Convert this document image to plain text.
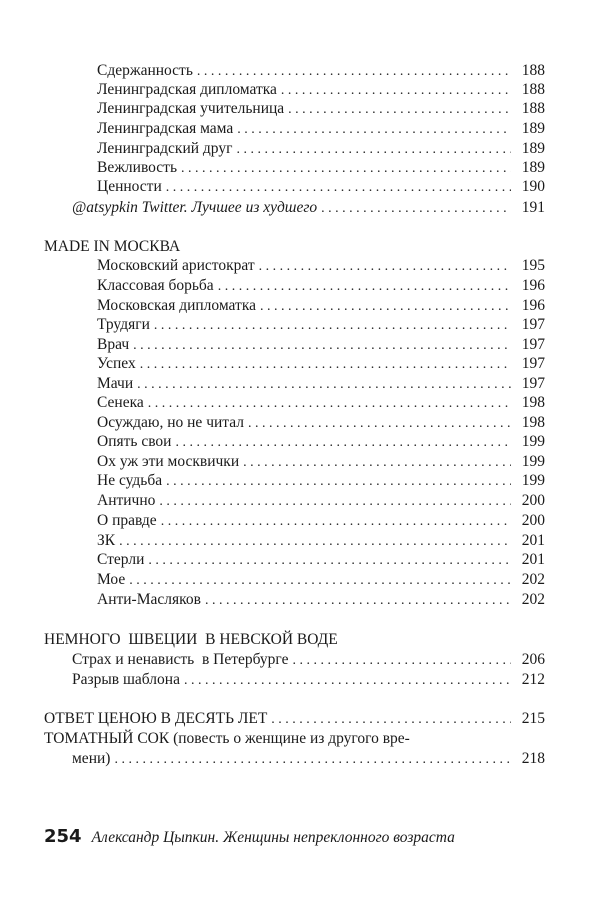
Сдержанность . . .	188
Ленинградская дипломатка . . .	188
Ленинградская учительница . . .	188
Ленинградская мама . . .	189
Ленинградский друг . . .	189
Вежливость . . .	189
Ценности . . .	190
@atsypkin Twitter. Лучшее из худшего . . .	191
MADE IN МОСКВА
Московский аристократ . . .	195
Классовая борьба . . .	196
Московская дипломатка . . .	196
Трудяги . . .	197
Врач . . .	197
Успех . . .	197
Мачи . . .	197
Сенека . . .	198
Осуждаю, но не читал . . .	198
Опять свои . . .	199
Ох уж эти москвички . . .	199
Не судьба . . .	199
Антично . . .	200
О правде . . .	200
ЗК . . .	201
Стерли . . .	201
Мое . . .	202
Анти-Масляков . . .	202
НЕМНОГО  ШВЕЦИИ  В НЕВСКОЙ ВОДЕ
Страх и ненависть  в Петербурге . . .	206
Разрыв шаблона . . .	212
ОТВЕТ ЦЕНОЮ В ДЕСЯТЬ ЛЕТ . . .	215
ТОМАТНЫЙ СОК (повесть о женщине из другого вре-
мени) . . .	218
254 Александр Цыпкин. Женщины непреклонного возраста
